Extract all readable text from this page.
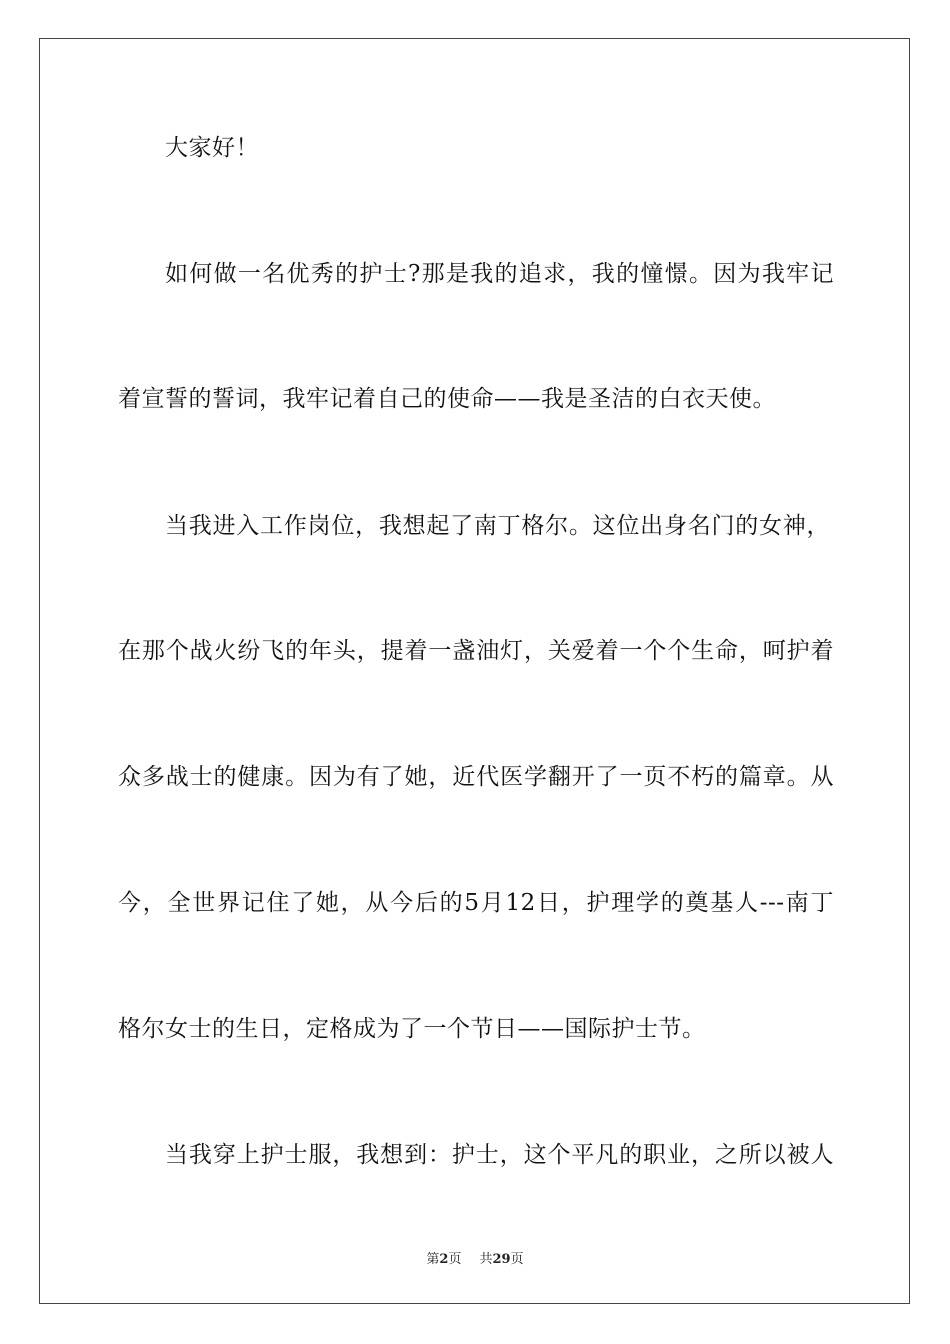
大家好！
如何做一名优秀的护士?那是我的追求，我的憧憬。因为我牢记
着宣誓的誓词，我牢记着自己的使命——我是圣洁的白衣天使。
当我进入工作岗位，我想起了南丁格尔。这位出身名门的女神，
在那个战火纷飞的年头，提着一盏油灯，关爱着一个个生命，呵护着
众多战士的健康。因为有了她，近代医学翻开了一页不朽的篇章。从
今，全世界记住了她，从今后的5月12日，护理学的奠基人---南丁
格尔女士的生日，定格成为了一个节日——国际护士节。
当我穿上护士服，我想到：护士，这个平凡的职业，之所以被人
第2页 共29页
